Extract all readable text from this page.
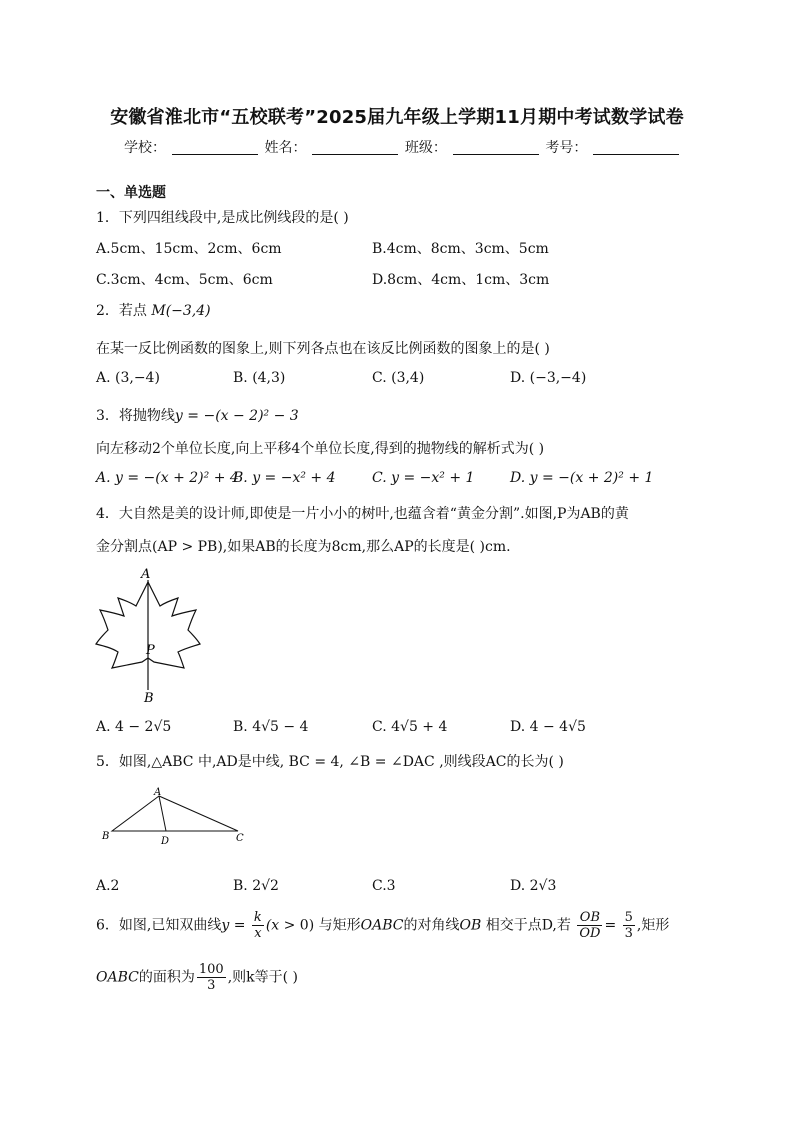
安徽省淮北市“五校联考”2025届九年级上学期11月期中考试数学试卷
学校：	姓名：	班级：	考号：
一、单选题
1．下列四组线段中,是成比例线段的是( )
A.5cm、15cm、2cm、6cm	B.4cm、8cm、3cm、5cm
C.3cm、4cm、5cm、6cm	D.8cm、4cm、1cm、3cm
2．若点 M(−3,4)
在某一反比例函数的图象上,则下列各点也在该反比例函数的图象上的是( )
A. (3,−4)	B. (4,3)	C. (3,4)	D. (−3,−4)
3．将抛物线y = −(x − 2)² − 3
向左移动2个单位长度,向上平移4个单位长度,得到的抛物线的解析式为( )
A. y = −(x + 2)² + 4
B. y = −x² + 4	C. y = −x² + 1	D. y = −(x + 2)² + 1
4．大自然是美的设计师,即使是一片小小的树叶,也蕴含着“黄金分割”.如图,P为AB的黄
金分割点(AP > PB),如果AB的长度为8cm,那么AP的长度是( )cm.
A
P
B
A. 4 − 2√5	B. 4√5 − 4	C. 4√5 + 4	D. 4 − 4√5
5．如图,△ABC 中,AD是中线, BC = 4, ∠B = ∠DAC ,则线段AC的长为( )
A
B	D	C
A.2	B. 2√2	C.3	D. 2√3
6．如图,已知双曲线$y = \frac{k}{x} (x > 0)$ 与矩形OABC的对角线OB 相交于点D,若 $\frac{OB}{OD} = \frac{5}{3}$ ,矩形
OABC的面积为 $\frac{100}{3}$ ,则k等于( )
